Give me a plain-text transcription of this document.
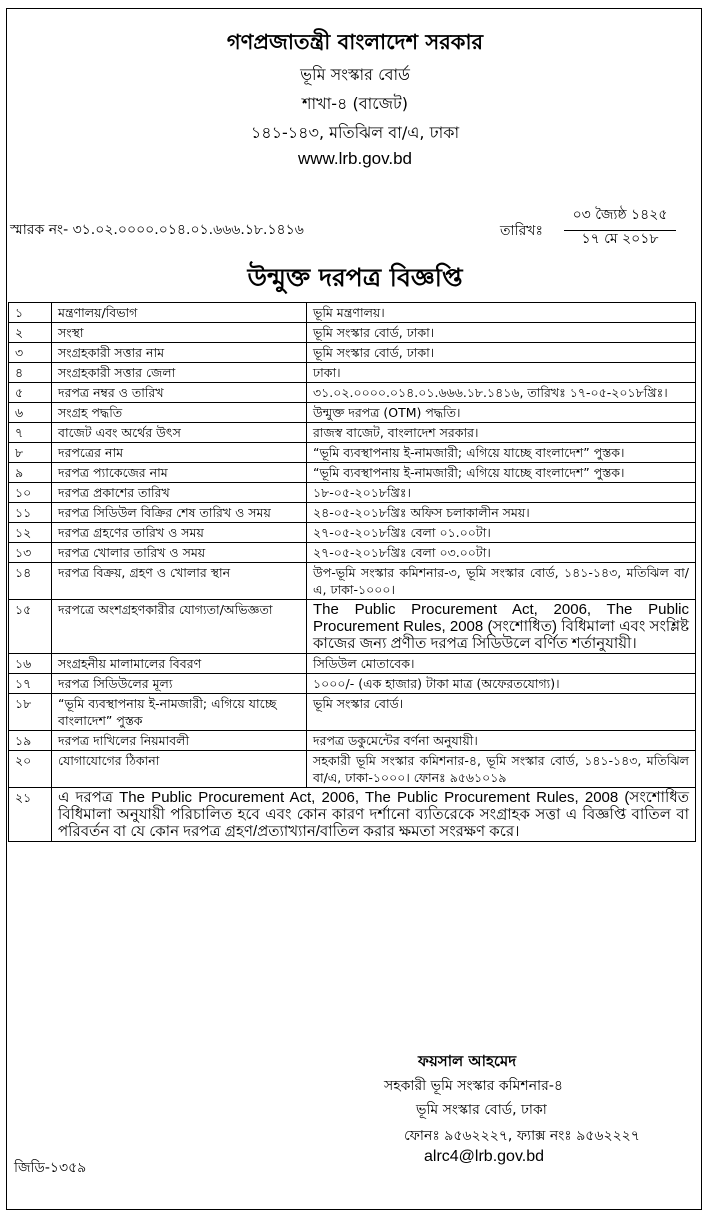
গণপ্রজাতন্ত্রী বাংলাদেশ সরকার
ভূমি সংস্কার বোর্ড
শাখা-৪ (বাজেট)
১৪১-১৪৩, মতিঝিল বা/এ, ঢাকা
www.lrb.gov.bd
স্মারক নং- ৩১.০২.০০০০.০১৪.০১.৬৬৬.১৮.১৪১৬	তারিখঃ
০৩ জ্যৈষ্ঠ ১৪২৫
১৭ মে ২০১৮
উন্মুক্ত দরপত্র বিজ্ঞপ্তি
১	মন্ত্রণালয়/বিভাগ	ভূমি মন্ত্রণালয়।
২	সংস্থা	ভূমি সংস্কার বোর্ড, ঢাকা।
৩	সংগ্রহকারী সত্তার নাম	ভূমি সংস্কার বোর্ড, ঢাকা।
৪	সংগ্রহকারী সত্তার জেলা	ঢাকা।
৫	দরপত্র নম্বর ও তারিখ	৩১.০২.০০০০.০১৪.০১.৬৬৬.১৮.১৪১৬, তারিখঃ ১৭-০৫-২০১৮খ্রিঃ।
৬	সংগ্রহ পদ্ধতি	উন্মুক্ত দরপত্র (OTM) পদ্ধতি।
৭	বাজেট এবং অর্থের উৎস	রাজস্ব বাজেট, বাংলাদেশ সরকার।
৮	দরপত্রের নাম	“ভূমি ব্যবস্থাপনায় ই-নামজারী; এগিয়ে যাচ্ছে বাংলাদেশ” পুস্তক।
৯	দরপত্র প্যাকেজের নাম	“ভূমি ব্যবস্থাপনায় ই-নামজারী; এগিয়ে যাচ্ছে বাংলাদেশ” পুস্তক।
১০	দরপত্র প্রকাশের তারিখ	১৮-০৫-২০১৮খ্রিঃ।
১১	দরপত্র সিডিউল বিক্রির শেষ তারিখ ও সময়	২৪-০৫-২০১৮খ্রিঃ অফিস চলাকালীন সময়।
১২	দরপত্র গ্রহণের তারিখ ও সময়	২৭-০৫-২০১৮খ্রিঃ বেলা ০১.০০টা।
১৩	দরপত্র খোলার তারিখ ও সময়	২৭-০৫-২০১৮খ্রিঃ বেলা ০৩.০০টা।
১৪	দরপত্র বিক্রয়, গ্রহণ ও খোলার স্থান	উপ-ভূমি সংস্কার কমিশনার-৩, ভূমি সংস্কার বোর্ড, ১৪১-১৪৩, মতিঝিল বা/এ, ঢাকা-১০০০।
১৫	দরপত্রে অংশগ্রহণকারীর যোগ্যতা/অভিজ্ঞতা	The Public Procurement Act, 2006, The Public Procurement Rules, 2008 (সংশোধিত) বিধিমালা এবং সংশ্লিষ্ট কাজের জন্য প্রণীত দরপত্র সিডিউলে বর্ণিত শর্তানুযায়ী।
১৬	সংগ্রহনীয় মালামালের বিবরণ	সিডিউল মোতাবেক।
১৭	দরপত্র সিডিউলের মূল্য	১০০০/- (এক হাজার) টাকা মাত্র (অফেরতযোগ্য)।
১৮	“ভূমি ব্যবস্থাপনায় ই-নামজারী; এগিয়ে যাচ্ছে বাংলাদেশ” পুস্তক	ভূমি সংস্কার বোর্ড।
১৯	দরপত্র দাখিলের নিয়মাবলী	দরপত্র ডকুমেন্টের বর্ণনা অনুযায়ী।
২০	যোগাযোগের ঠিকানা	সহকারী ভূমি সংস্কার কমিশনার-৪, ভূমি সংস্কার বোর্ড, ১৪১-১৪৩, মতিঝিল বা/এ, ঢাকা-১০০০। ফোনঃ ৯৫৬১০১৯
২১	এ দরপত্র The Public Procurement Act, 2006, The Public Procurement Rules, 2008 (সংশোধিত বিধিমালা অনুযায়ী পরিচালিত হবে এবং কোন কারণ দর্শানো ব্যতিরেকে সংগ্রাহক সত্তা এ বিজ্ঞপ্তি বাতিল বা পরিবর্তন বা যে কোন দরপত্র গ্রহণ/প্রত্যাখ্যান/বাতিল করার ক্ষমতা সংরক্ষণ করে।	
ফয়সাল আহমেদ
সহকারী ভূমি সংস্কার কমিশনার-৪
ভূমি সংস্কার বোর্ড, ঢাকা
ফোনঃ ৯৫৬২২২৭, ফ্যাক্স নংঃ ৯৫৬২২২৭
alrc4@lrb.gov.bd
জিডি-১৩৫৯
